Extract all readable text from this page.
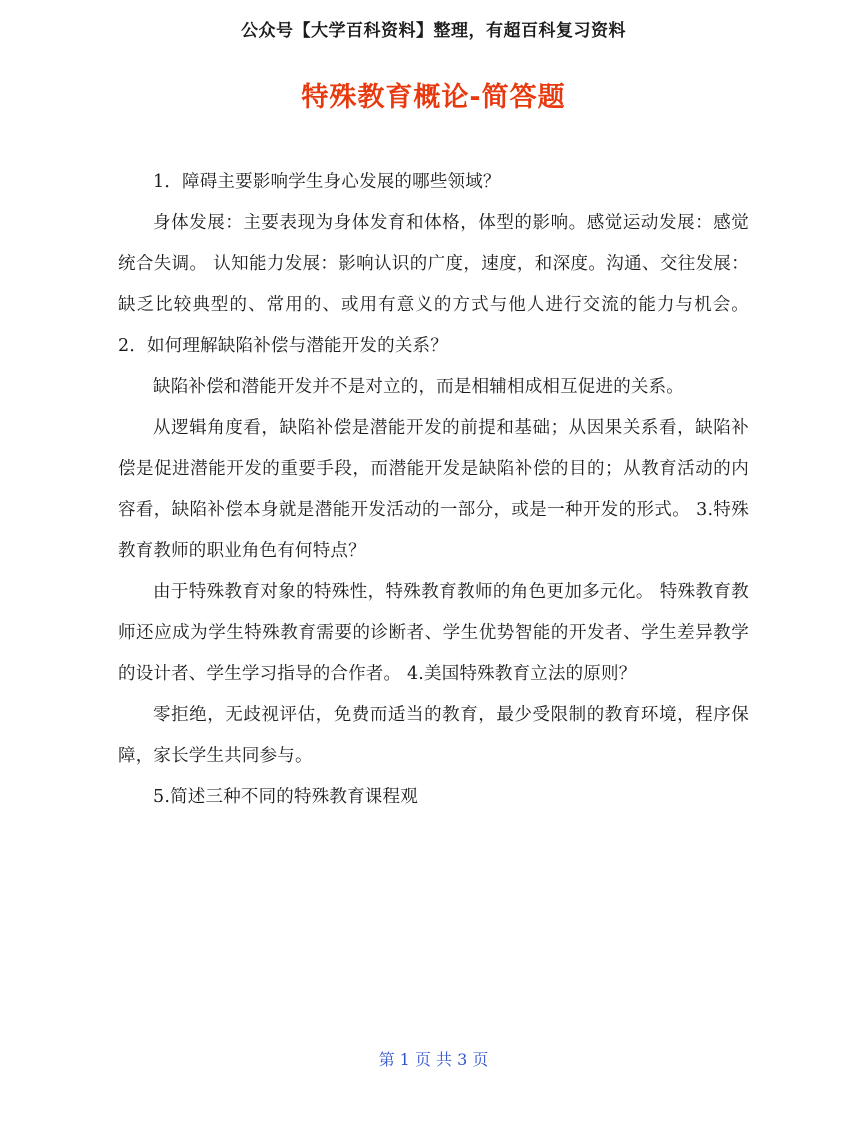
公众号【大学百科资料】整理，有超百科复习资料
特殊教育概论-简答题

1．障碍主要影响学生身心发展的哪些领域？

身体发展：主要表现为身体发育和体格，体型的影响。感觉运动发展：感觉统合失调。 认知能力发展：影响认识的广度，速度，和深度。沟通、交往发展：缺乏比较典型的、常用的、或用有意义的方式与他人进行交流的能力与机会。 2．如何理解缺陷补偿与潜能开发的关系？

缺陷补偿和潜能开发并不是对立的，而是相辅相成相互促进的关系。

从逻辑角度看，缺陷补偿是潜能开发的前提和基础；从因果关系看，缺陷补偿是促进潜能开发的重要手段，而潜能开发是缺陷补偿的目的；从教育活动的内容看，缺陷补偿本身就是潜能开发活动的一部分，或是一种开发的形式。 3.特殊教育教师的职业角色有何特点？

由于特殊教育对象的特殊性，特殊教育教师的角色更加多元化。 特殊教育教师还应成为学生特殊教育需要的诊断者、学生优势智能的开发者、学生差异教学的设计者、学生学习指导的合作者。 4.美国特殊教育立法的原则？

零拒绝，无歧视评估，免费而适当的教育，最少受限制的教育环境，程序保障，家长学生共同参与。

5.简述三种不同的特殊教育课程观

第 1 页 共 3 页
